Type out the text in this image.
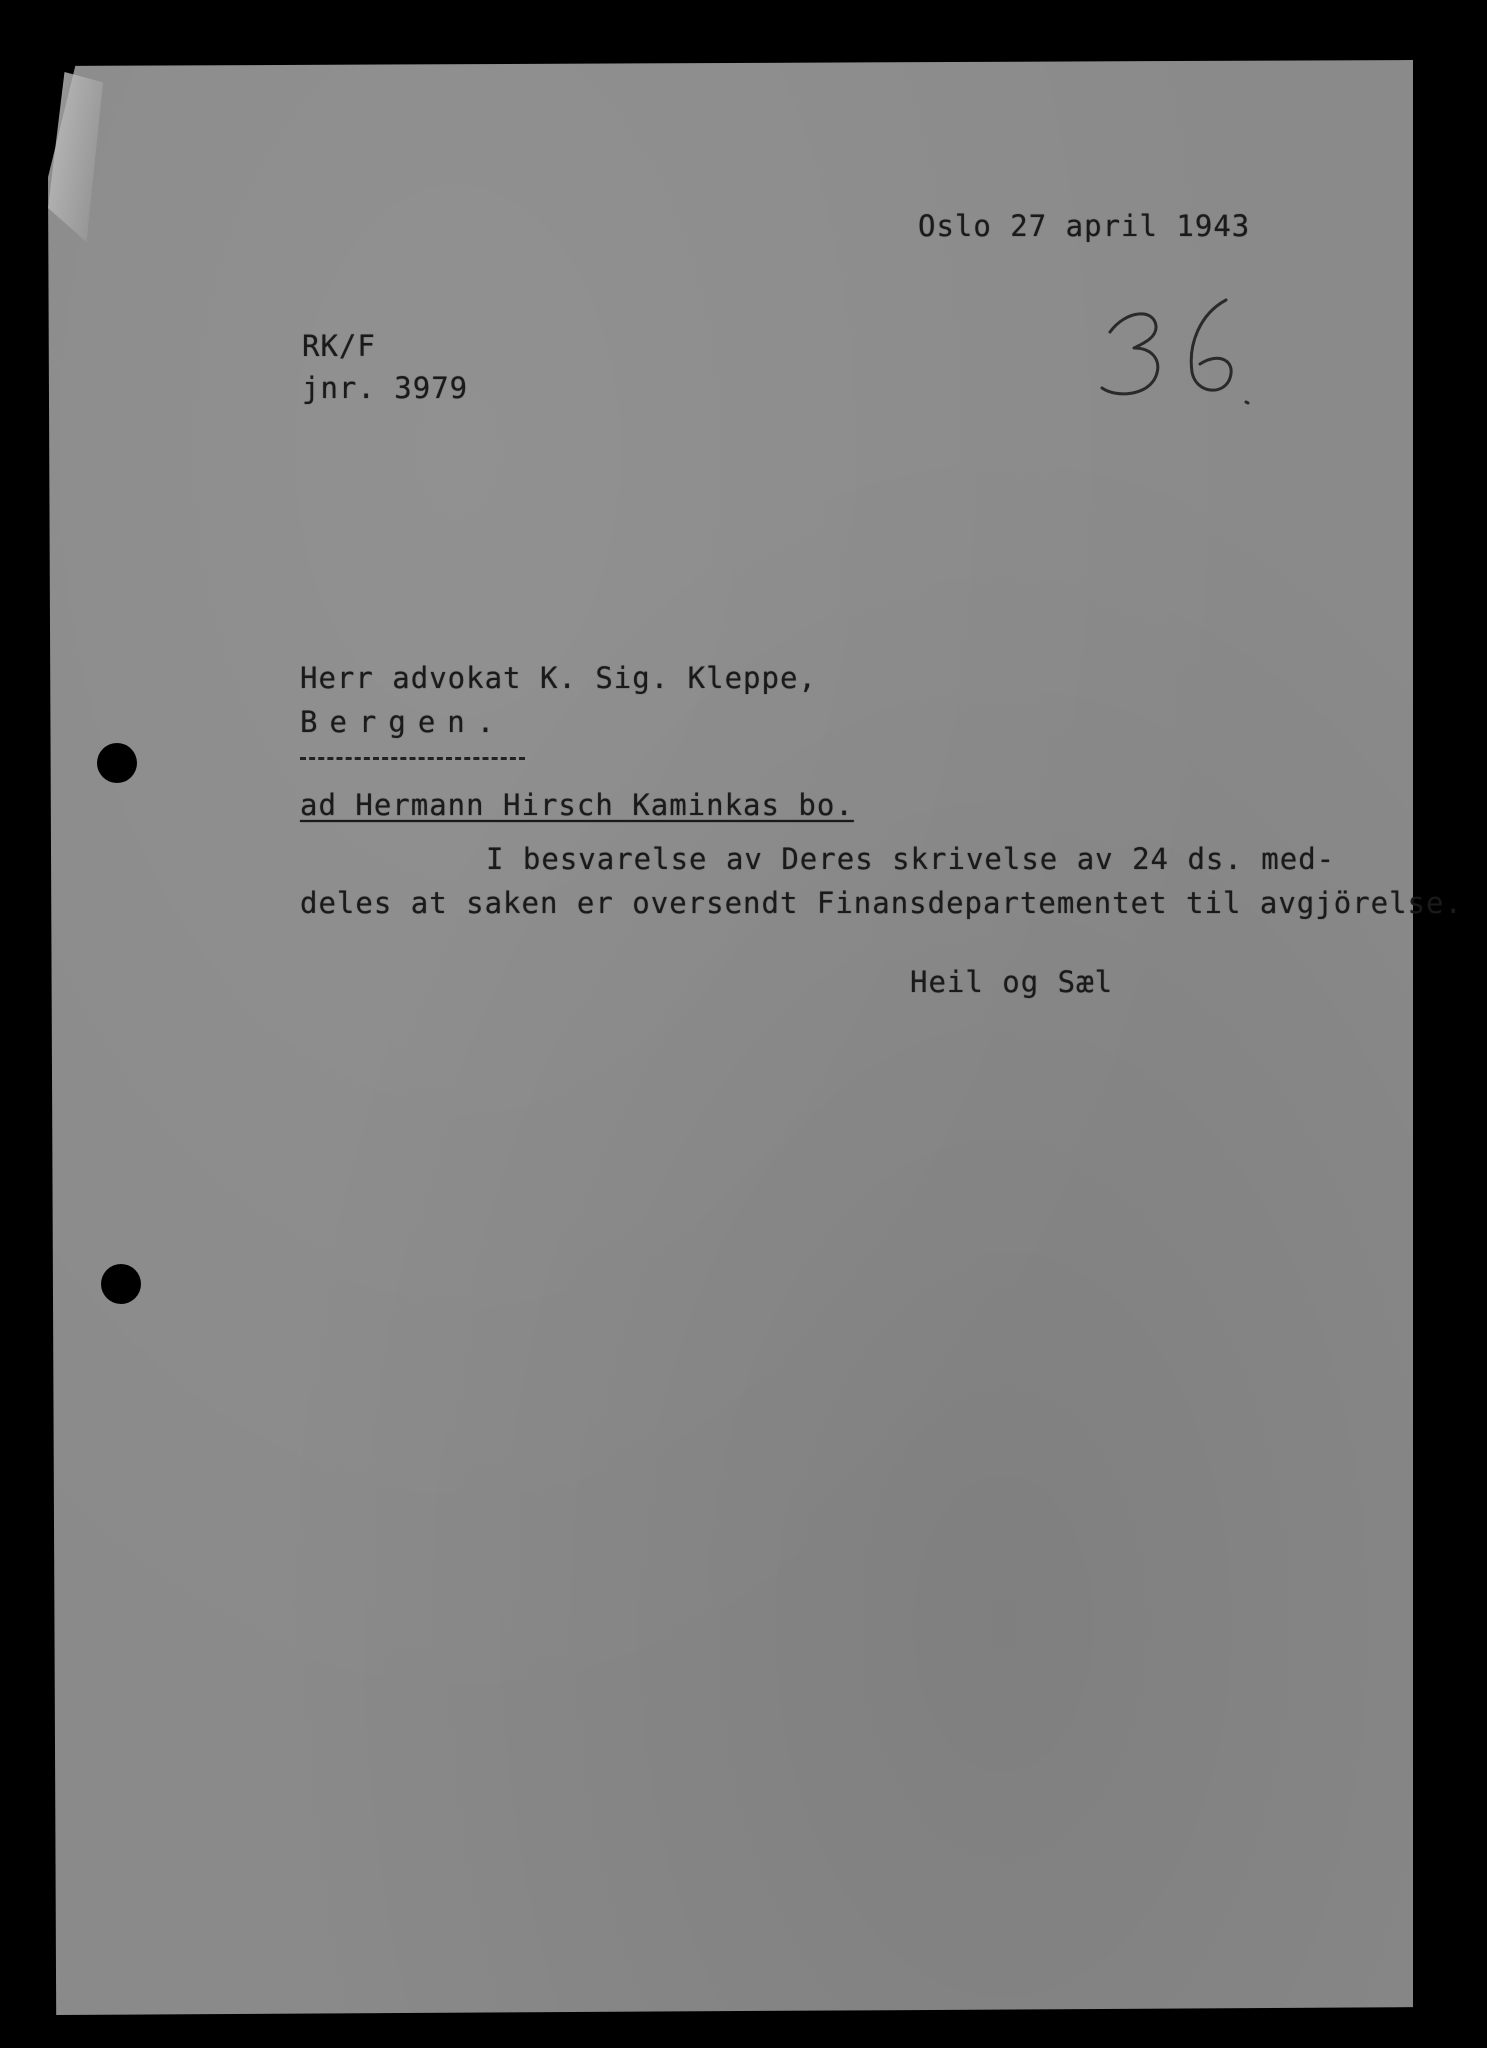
Oslo 27 april 1943
RK/F
jnr. 3979
Herr advokat K. Sig. Kleppe,
Bergen.
ad Hermann Hirsch Kaminkas bo.
I besvarelse av Deres skrivelse av 24 ds. med-
deles at saken er oversendt Finansdepartementet til avgjörelse.
Heil og Sæl
